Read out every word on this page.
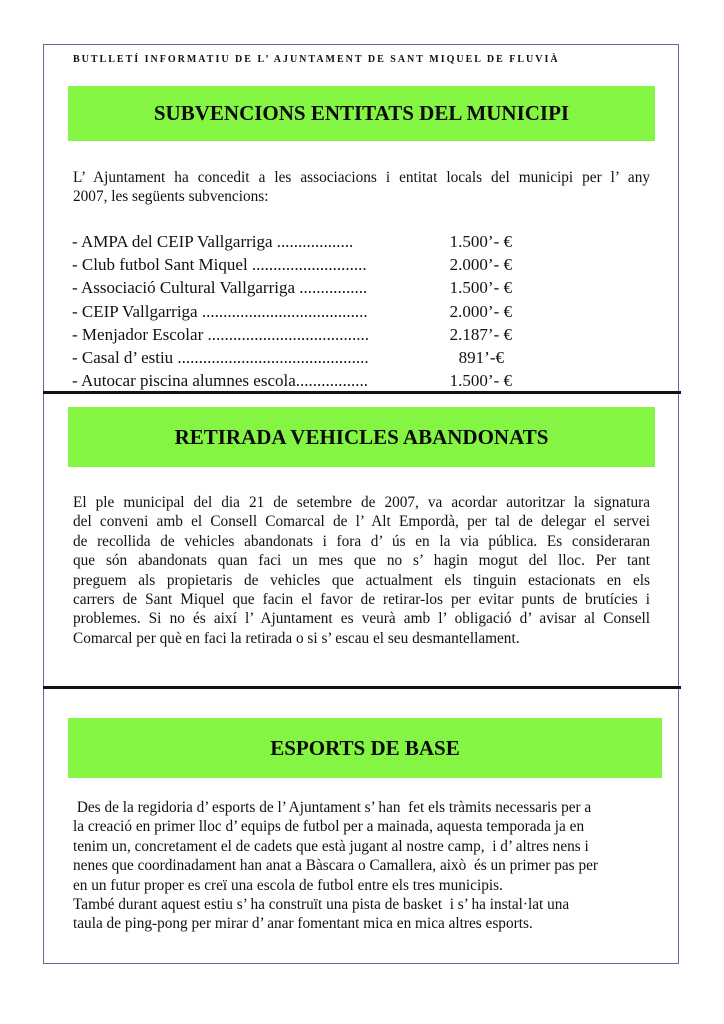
BUTLLETÍ INFORMATIU DE L’ AJUNTAMENT DE SANT MIQUEL DE FLUVIÀ
SUBVENCIONS ENTITATS DEL MUNICIPI
L’ Ajuntament ha concedit a les associacions i entitat locals del municipi per l’ any
2007, les següents subvencions:
- AMPA del CEIP Vallgarriga ..................	1.500’- €
- Club futbol Sant Miquel ...........................	2.000’- €
- Associació Cultural Vallgarriga ................	1.500’- €
- CEIP Vallgarriga .......................................	2.000’- €
- Menjador Escolar ......................................	2.187’- €
- Casal d’ estiu .............................................	891’-€
- Autocar piscina alumnes escola.................	1.500’- €
RETIRADA VEHICLES ABANDONATS
El ple municipal del dia 21 de setembre de 2007, va acordar autoritzar la signatura
del conveni amb el Consell Comarcal de l’ Alt Empordà, per tal de delegar el servei
de recollida de vehicles abandonats i fora d’ ús en la via pública. Es consideraran
que són abandonats quan faci un mes que no s’ hagin mogut del lloc. Per tant
preguem als propietaris de vehicles que actualment els tinguin estacionats en els
carrers de Sant Miquel que facin el favor de retirar-los per evitar punts de brutícies i
problemes. Si no és així l’ Ajuntament es veurà amb l’ obligació d’ avisar al Consell
Comarcal per què en faci la retirada o si s’ escau el seu desmantellament.
ESPORTS DE BASE
Des de la regidoria d’ esports de l’ Ajuntament s’ han  fet els tràmits necessaris per a
la creació en primer lloc d’ equips de futbol per a mainada, aquesta temporada ja en
tenim un, concretament el de cadets que està jugant al nostre camp,  i d’ altres nens i
nenes que coordinadament han anat a Bàscara o Camallera, això  és un primer pas per
en un futur proper es creï una escola de futbol entre els tres municipis.
També durant aquest estiu s’ ha construït una pista de basket  i s’ ha instal·lat una
taula de ping-pong per mirar d’ anar fomentant mica en mica altres esports.
